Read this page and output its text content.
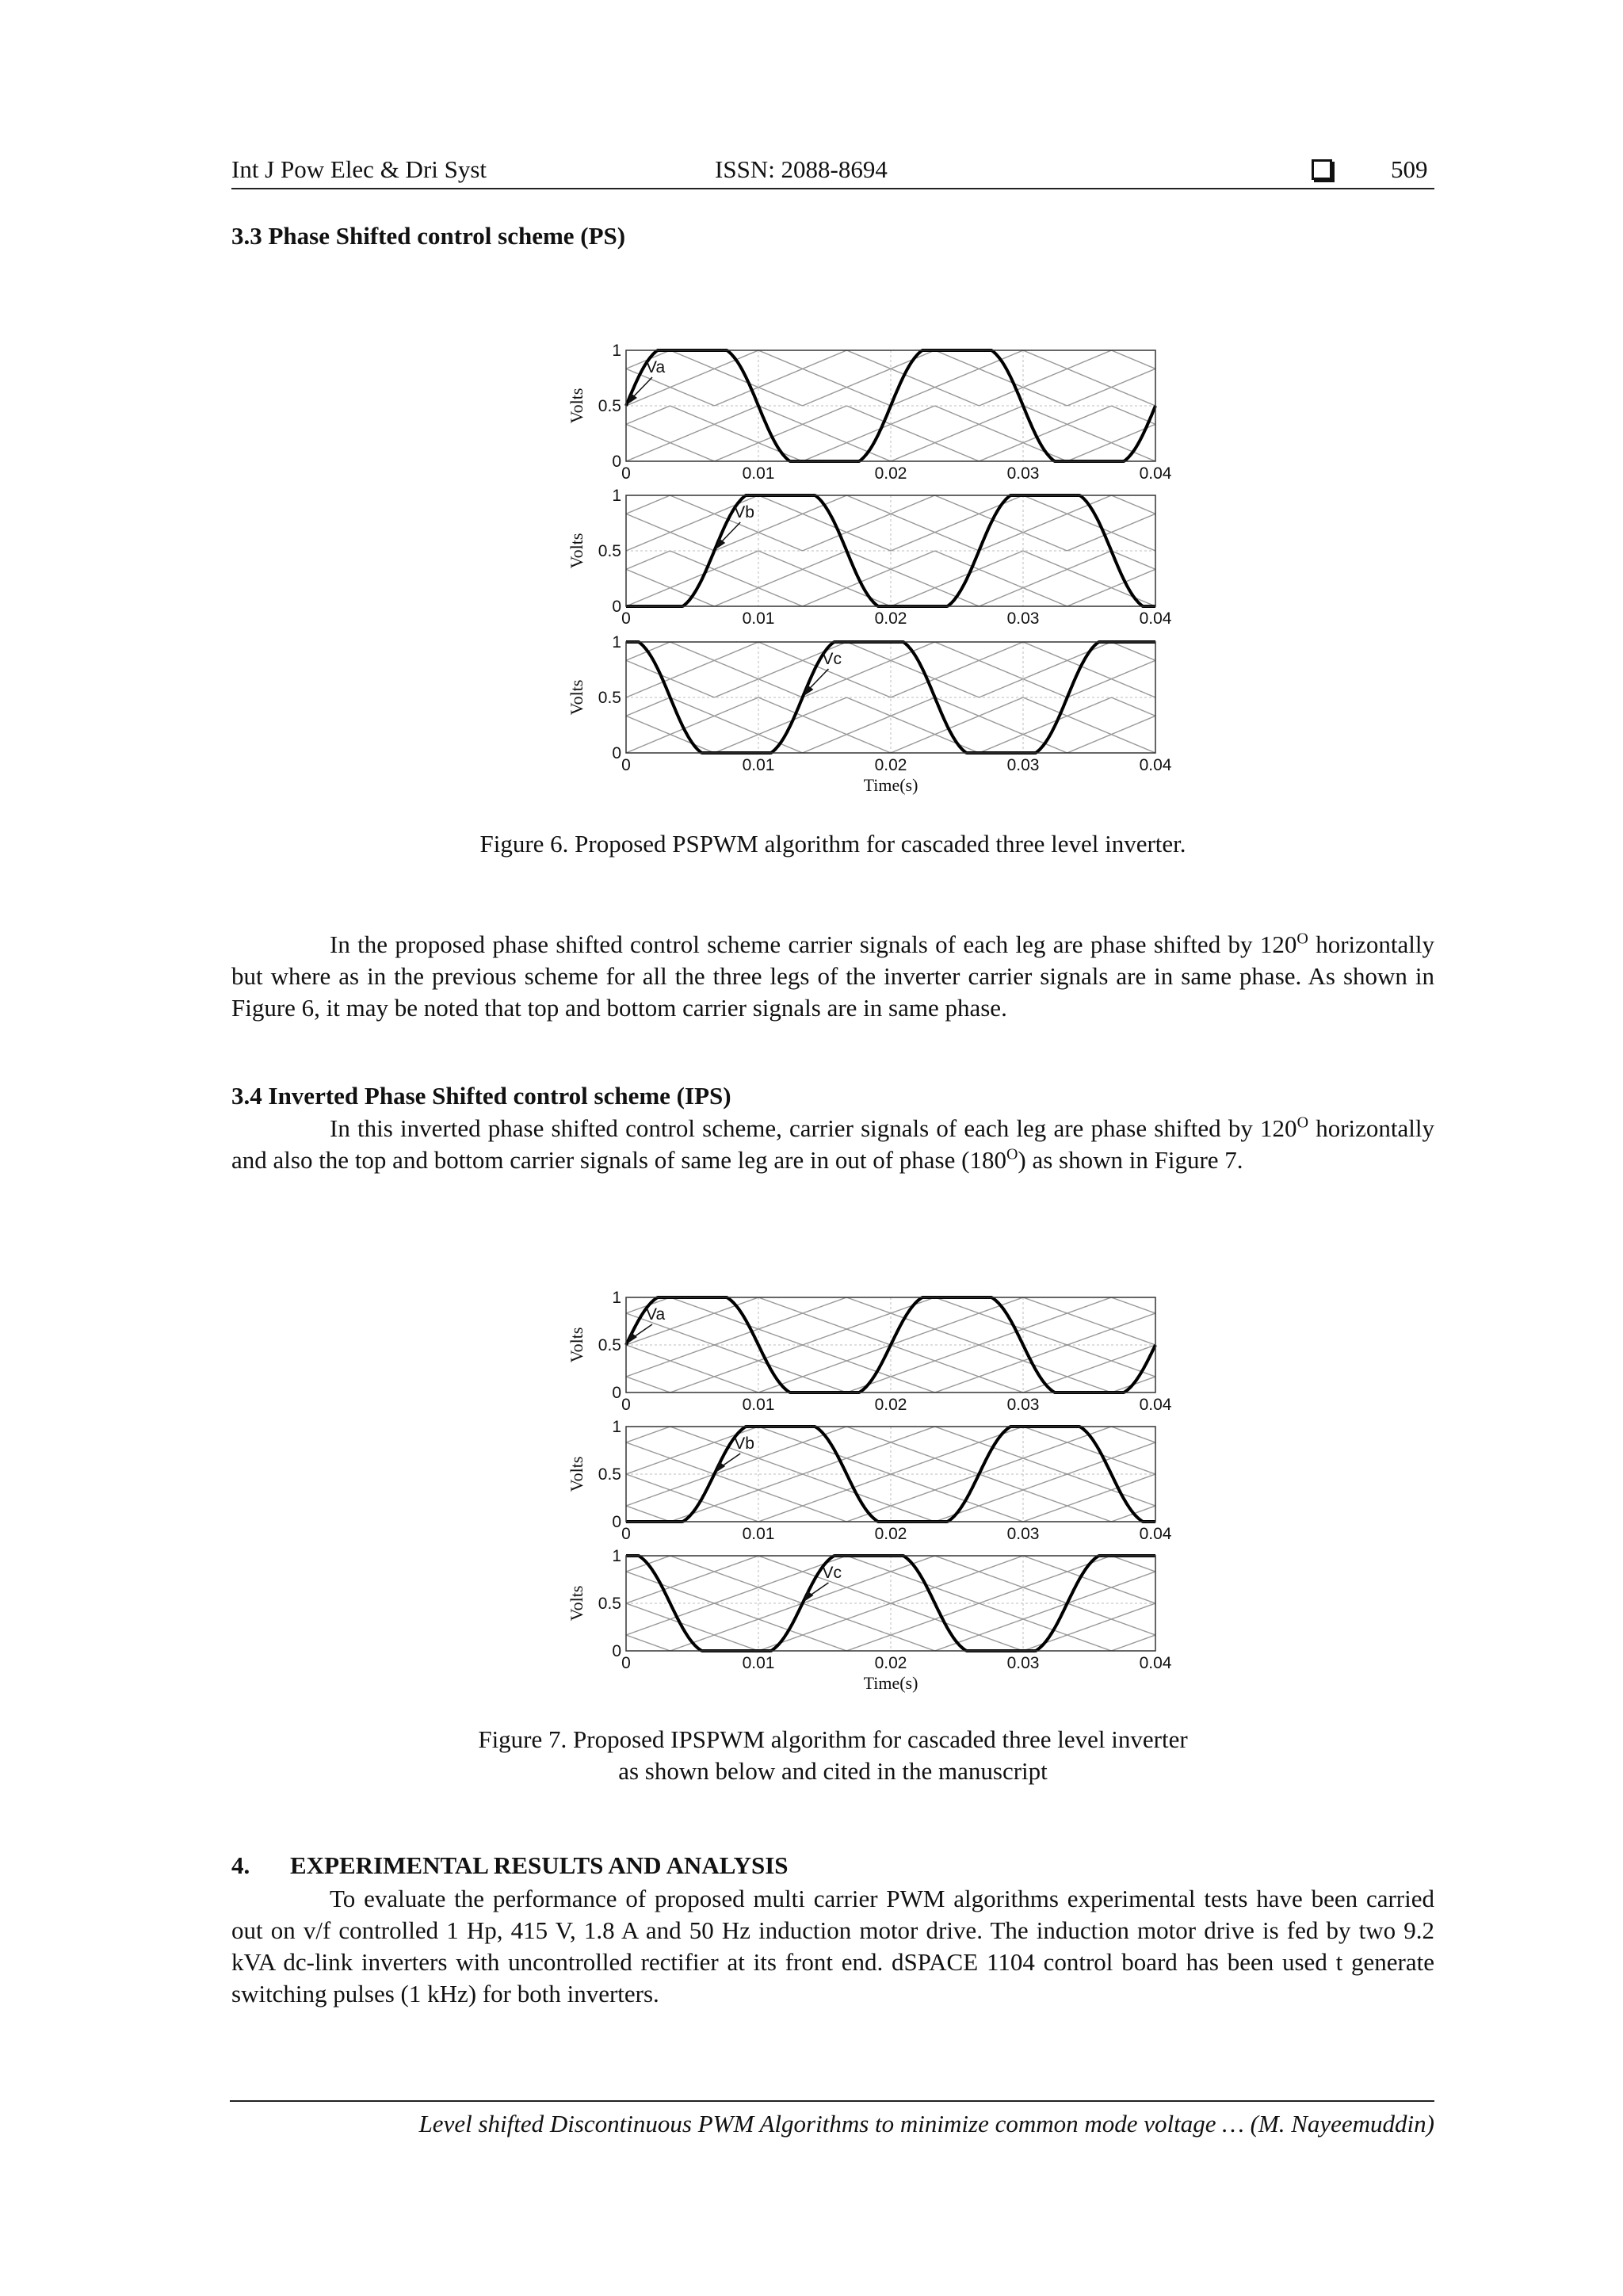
Int J Pow Elec & Dri Syst	ISSN: 2088-8694	509
3.3 Phase Shifted control scheme (PS)
0	0.01	0.02	0.03	0.04
0
0.5
1
Volts
Va
0	0.01	0.02	0.03	0.04
0
0.5
1
Volts
Vb
0	0.01	0.02	0.03	0.04
0
0.5
1
Volts
Vc
Time(s)
Figure 6. Proposed PSPWM algorithm for cascaded three level inverter.
In the proposed phase shifted control scheme carrier signals of each leg are phase shifted by $120^O$ horizontally but where as in the previous scheme for all the three legs of the inverter carrier signals are in same phase. As shown in Figure 6, it may be noted that top and bottom carrier signals are in same phase.
3.4 Inverted Phase Shifted control scheme (IPS)
In this inverted phase shifted control scheme, carrier signals of each leg are phase shifted by $120^O$ horizontally and also the top and bottom carrier signals of same leg are in out of phase $(180^O)$ as shown in Figure 7.
0	0.01	0.02	0.03	0.04
0
0.5
1
Volts
Va
0	0.01	0.02	0.03	0.04
0
0.5
1
Volts
Vb
0	0.01	0.02	0.03	0.04
0
0.5
1
Volts
Vc
Time(s)
Figure 7. Proposed IPSPWM algorithm for cascaded three level inverter
as shown below and cited in the manuscript
4. EXPERIMENTAL RESULTS AND ANALYSIS
To evaluate the performance of proposed multi carrier PWM algorithms experimental tests have been carried out on v/f controlled 1 Hp, 415 V, 1.8 A and 50 Hz induction motor drive. The induction motor drive is fed by two 9.2 kVA dc-link inverters with uncontrolled rectifier at its front end. dSPACE 1104 control board has been used t generate switching pulses (1 kHz) for both inverters.
Level shifted Discontinuous PWM Algorithms to minimize common mode voltage … (M. Nayeemuddin)
